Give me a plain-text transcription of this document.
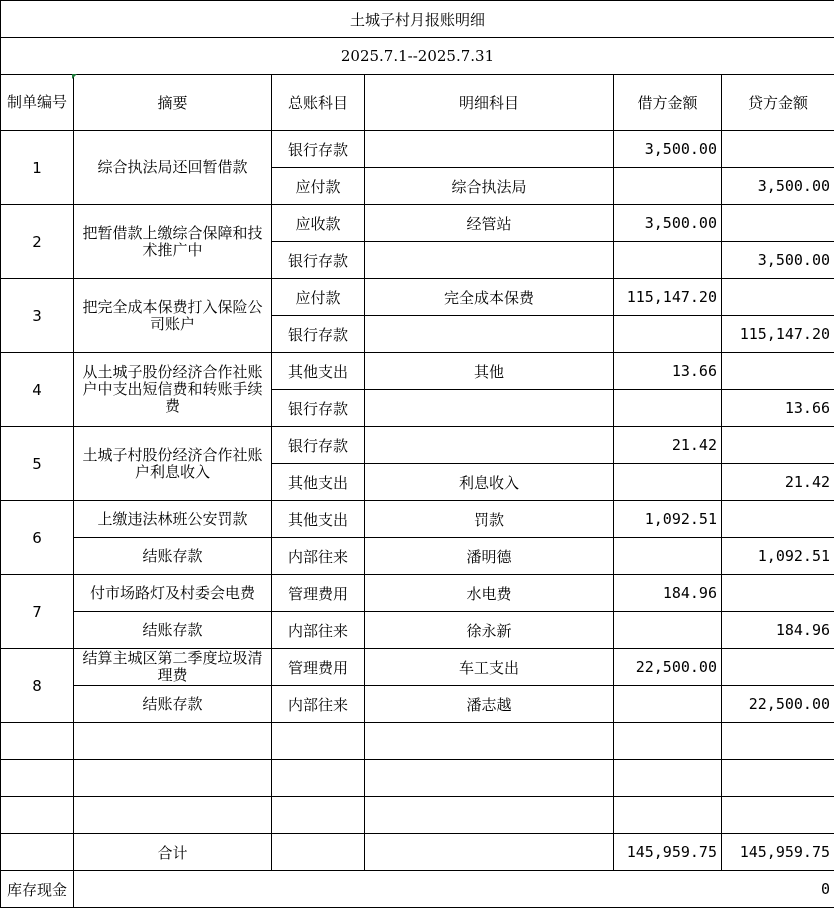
土城子村月报账明细					
2025.7.1--2025.7.31					
制单编号	摘要	总账科目	明细科目	借方金额	贷方金额
1	综合执法局还回暂借款	银行存款		3,500.00	
		应付款	综合执法局		3,500.00
2	把暂借款上缴综合保障和技术推广中	应收款	经管站	3,500.00	
		银行存款			3,500.00
3	把完全成本保费打入保险公司账户	应付款	完全成本保费	115,147.20	
		银行存款			115,147.20
4	从土城子股份经济合作社账户中支出短信费和转账手续费	其他支出	其他	13.66	
		银行存款			13.66
5	土城子村股份经济合作社账户利息收入	银行存款		21.42	
		其他支出	利息收入		21.42
6	上缴违法林班公安罚款	其他支出	罚款	1,092.51	
	结账存款	内部往来	潘明德		1,092.51
7	付市场路灯及村委会电费	管理费用	水电费	184.96	
	结账存款	内部往来	徐永新		184.96
8	结算主城区第二季度垃圾清理费	管理费用	车工支出	22,500.00	
	结账存款	内部往来	潘志越		22,500.00

	合计			145,959.75	145,959.75
库存现金	0				
